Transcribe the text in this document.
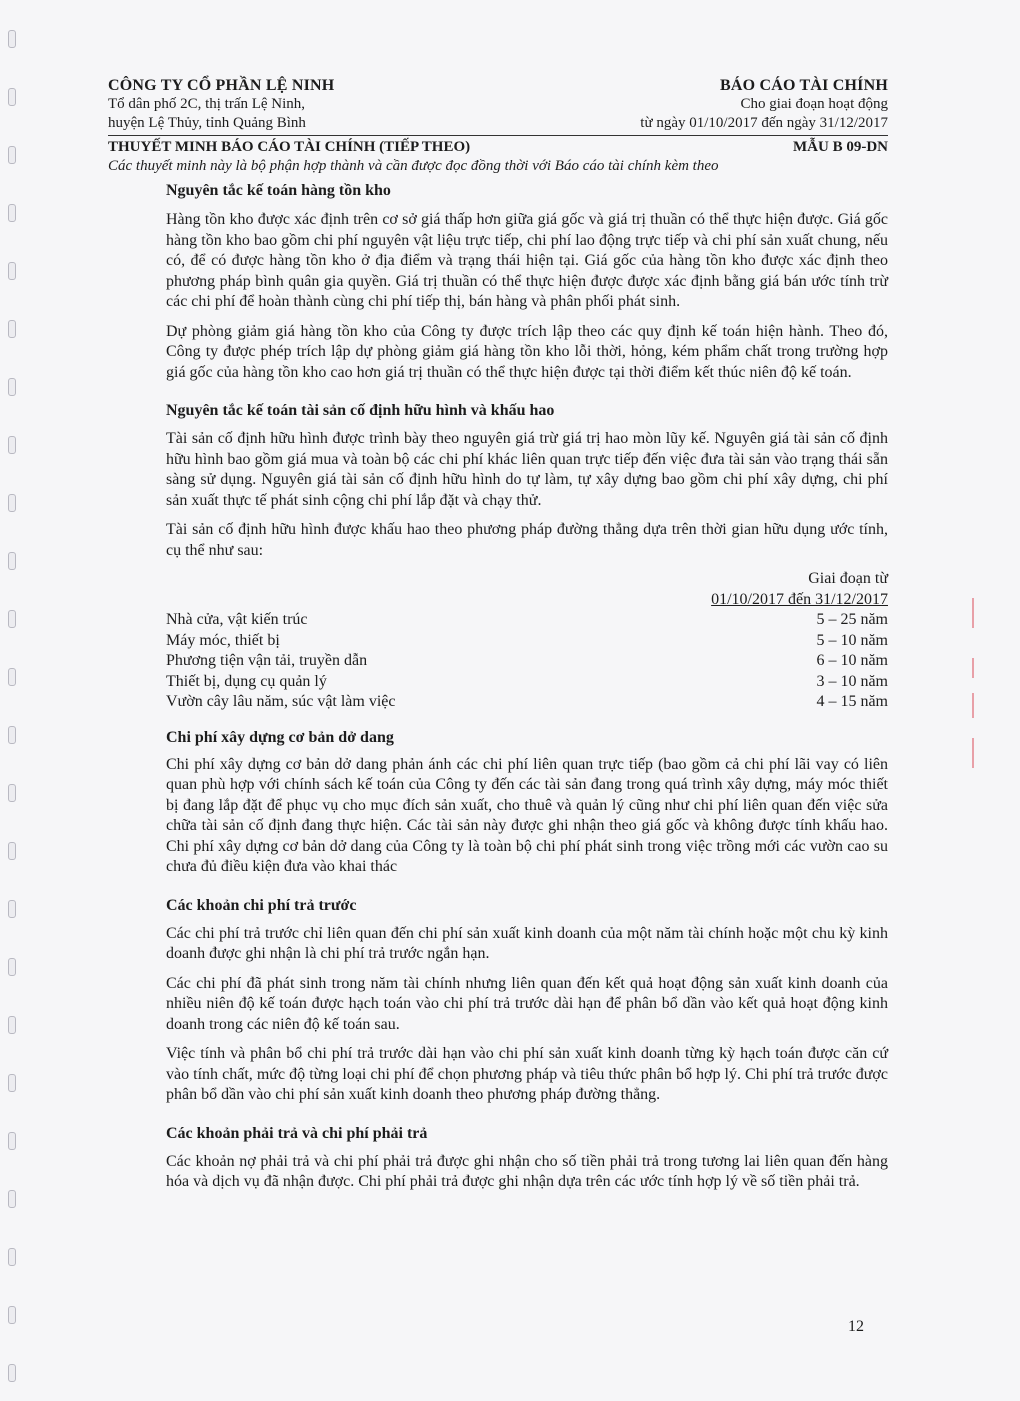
CÔNG TY CỔ PHẦN LỆ NINH	BÁO CÁO TÀI CHÍNH
Tổ dân phố 2C, thị trấn Lệ Ninh,	Cho giai đoạn hoạt động
huyện Lệ Thủy, tỉnh Quảng Bình	từ ngày 01/10/2017 đến ngày 31/12/2017
THUYẾT MINH BÁO CÁO TÀI CHÍNH (TIẾP THEO)	MẪU B 09-DN
Các thuyết minh này là bộ phận hợp thành và cần được đọc đồng thời với Báo cáo tài chính kèm theo
Nguyên tắc kế toán hàng tồn kho

Hàng tồn kho được xác định trên cơ sở giá thấp hơn giữa giá gốc và giá trị thuần có thể thực hiện được. Giá gốc hàng tồn kho bao gồm chi phí nguyên vật liệu trực tiếp, chi phí lao động trực tiếp và chi phí sản xuất chung, nếu có, để có được hàng tồn kho ở địa điểm và trạng thái hiện tại. Giá gốc của hàng tồn kho được xác định theo phương pháp bình quân gia quyền. Giá trị thuần có thể thực hiện được được xác định bằng giá bán ước tính trừ các chi phí để hoàn thành cùng chi phí tiếp thị, bán hàng và phân phối phát sinh.

Dự phòng giảm giá hàng tồn kho của Công ty được trích lập theo các quy định kế toán hiện hành. Theo đó, Công ty được phép trích lập dự phòng giảm giá hàng tồn kho lỗi thời, hỏng, kém phẩm chất trong trường hợp giá gốc của hàng tồn kho cao hơn giá trị thuần có thể thực hiện được tại thời điểm kết thúc niên độ kế toán.

Nguyên tắc kế toán tài sản cố định hữu hình và khấu hao

Tài sản cố định hữu hình được trình bày theo nguyên giá trừ giá trị hao mòn lũy kế. Nguyên giá tài sản cố định hữu hình bao gồm giá mua và toàn bộ các chi phí khác liên quan trực tiếp đến việc đưa tài sản vào trạng thái sẵn sàng sử dụng. Nguyên giá tài sản cố định hữu hình do tự làm, tự xây dựng bao gồm chi phí xây dựng, chi phí sản xuất thực tế phát sinh cộng chi phí lắp đặt và chạy thử.

Tài sản cố định hữu hình được khấu hao theo phương pháp đường thẳng dựa trên thời gian hữu dụng ước tính, cụ thể như sau:

Giai đoạn từ
01/10/2017 đến 31/12/2017
Nhà cửa, vật kiến trúc	5 – 25 năm
Máy móc, thiết bị	5 – 10 năm
Phương tiện vận tải, truyền dẫn	6 – 10 năm
Thiết bị, dụng cụ quản lý	3 – 10 năm
Vườn cây lâu năm, súc vật làm việc	4 – 15 năm
Chi phí xây dựng cơ bản dở dang

Chi phí xây dựng cơ bản dở dang phản ánh các chi phí liên quan trực tiếp (bao gồm cả chi phí lãi vay có liên quan phù hợp với chính sách kế toán của Công ty đến các tài sản đang trong quá trình xây dựng, máy móc thiết bị đang lắp đặt để phục vụ cho mục đích sản xuất, cho thuê và quản lý cũng như chi phí liên quan đến việc sửa chữa tài sản cố định đang thực hiện. Các tài sản này được ghi nhận theo giá gốc và không được tính khấu hao. Chi phí xây dựng cơ bản dở dang của Công ty là toàn bộ chi phí phát sinh trong việc trồng mới các vườn cao su chưa đủ điều kiện đưa vào khai thác

Các khoản chi phí trả trước

Các chi phí trả trước chỉ liên quan đến chi phí sản xuất kinh doanh của một năm tài chính hoặc một chu kỳ kinh doanh được ghi nhận là chi phí trả trước ngắn hạn.

Các chi phí đã phát sinh trong năm tài chính nhưng liên quan đến kết quả hoạt động sản xuất kinh doanh của nhiều niên độ kế toán được hạch toán vào chi phí trả trước dài hạn để phân bổ dần vào kết quả hoạt động kinh doanh trong các niên độ kế toán sau.

Việc tính và phân bổ chi phí trả trước dài hạn vào chi phí sản xuất kinh doanh từng kỳ hạch toán được căn cứ vào tính chất, mức độ từng loại chi phí để chọn phương pháp và tiêu thức phân bổ hợp lý. Chi phí trả trước được phân bổ dần vào chi phí sản xuất kinh doanh theo phương pháp đường thẳng.

Các khoản phải trả và chi phí phải trả

Các khoản nợ phải trả và chi phí phải trả được ghi nhận cho số tiền phải trả trong tương lai liên quan đến hàng hóa và dịch vụ đã nhận được. Chi phí phải trả được ghi nhận dựa trên các ước tính hợp lý về số tiền phải trả.

12
